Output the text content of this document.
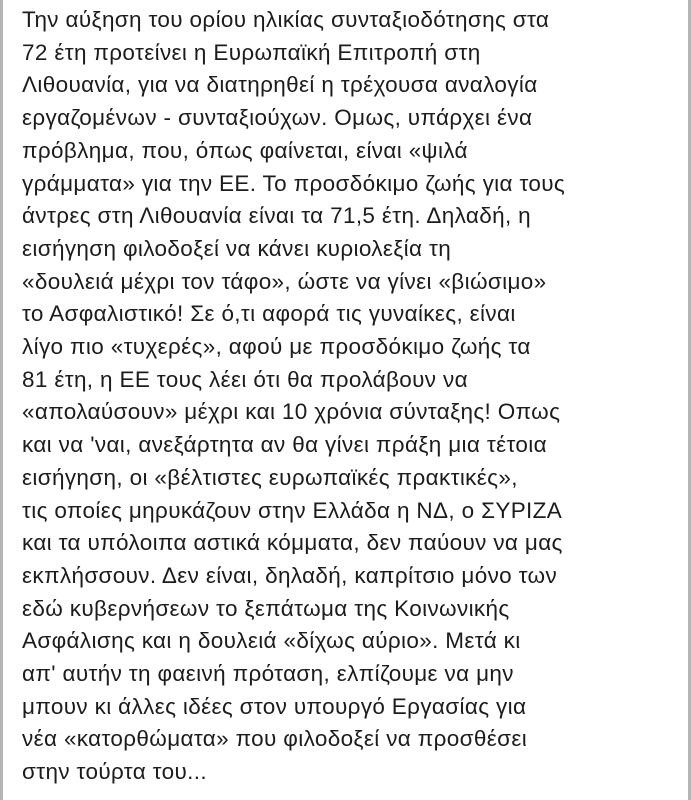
Την αύξηση του ορίου ηλικίας συνταξιοδότησης στα
72 έτη προτείνει η Ευρωπαϊκή Επιτροπή στη
Λιθουανία, για να διατηρηθεί η τρέχουσα αναλογία
εργαζομένων - συνταξιούχων. Ομως, υπάρχει ένα
πρόβλημα, που, όπως φαίνεται, είναι «ψιλά
γράμματα» για την ΕΕ. Το προσδόκιμο ζωής για τους
άντρες στη Λιθουανία είναι τα 71,5 έτη. Δηλαδή, η
εισήγηση φιλοδοξεί να κάνει κυριολεξία τη
«δουλειά μέχρι τον τάφο», ώστε να γίνει «βιώσιμο»
το Ασφαλιστικό! Σε ό,τι αφορά τις γυναίκες, είναι
λίγο πιο «τυχερές», αφού με προσδόκιμο ζωής τα
81 έτη, η ΕΕ τους λέει ότι θα προλάβουν να
«απολαύσουν» μέχρι και 10 χρόνια σύνταξης! Οπως
και να 'ναι, ανεξάρτητα αν θα γίνει πράξη μια τέτοια
εισήγηση, οι «βέλτιστες ευρωπαϊκές πρακτικές»,
τις οποίες μηρυκάζουν στην Ελλάδα η ΝΔ, ο ΣΥΡΙΖΑ
και τα υπόλοιπα αστικά κόμματα, δεν παύουν να μας
εκπλήσσουν. Δεν είναι, δηλαδή, καπρίτσιο μόνο των
εδώ κυβερνήσεων το ξεπάτωμα της Κοινωνικής
Ασφάλισης και η δουλειά «δίχως αύριο». Μετά κι
απ' αυτήν τη φαεινή πρόταση, ελπίζουμε να μην
μπουν κι άλλες ιδέες στον υπουργό Εργασίας για
νέα «κατορθώματα» που φιλοδοξεί να προσθέσει
στην τούρτα του...
